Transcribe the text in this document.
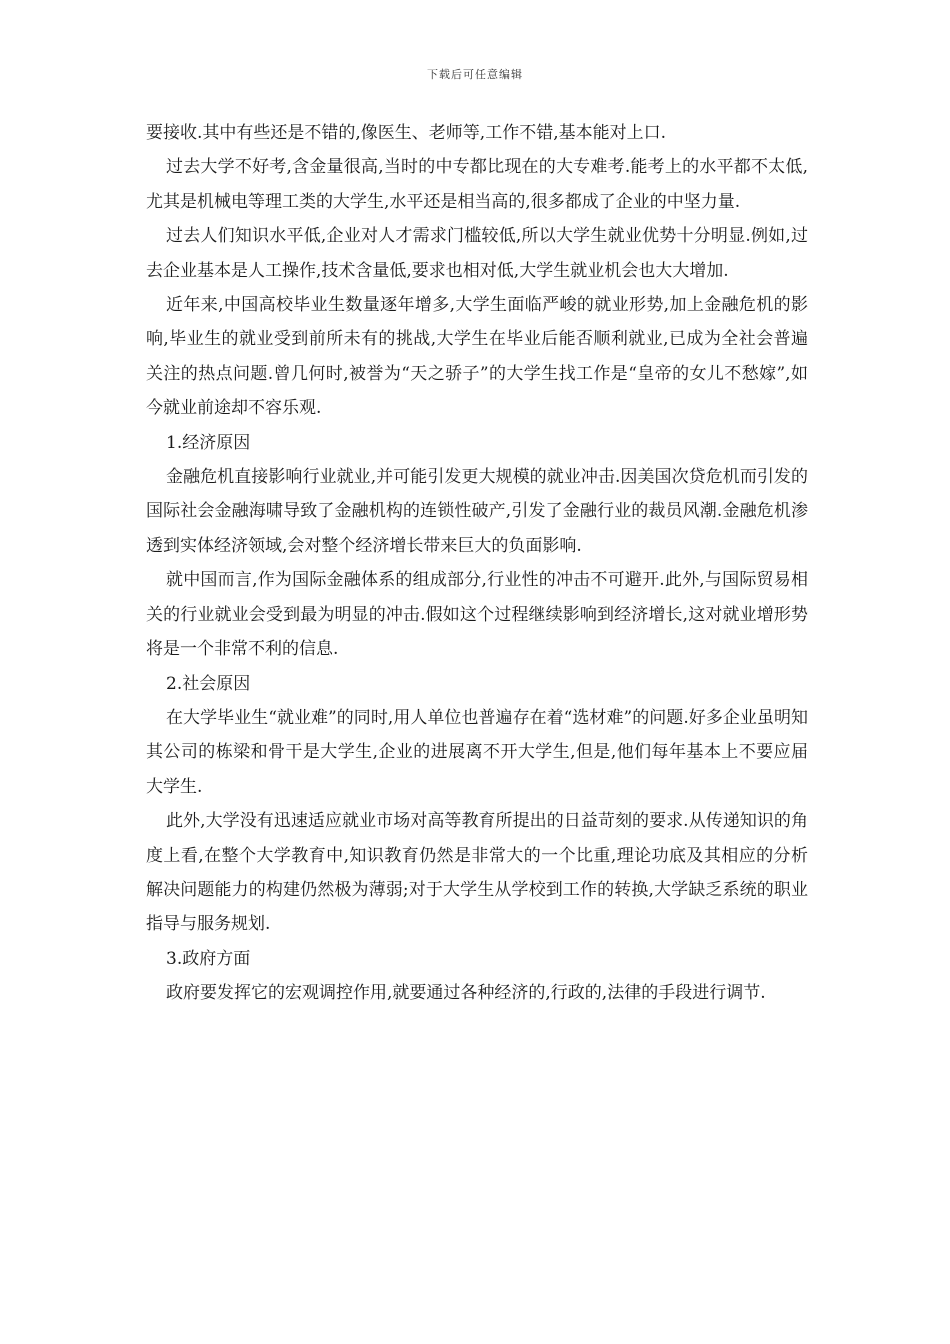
下载后可任意编辑

要接收.其中有些还是不错的,像医生、老师等,工作不错,基本能对上口.

过去大学不好考,含金量很高,当时的中专都比现在的大专难考.能考上的水平都不太低,尤其是机械电等理工类的大学生,水平还是相当高的,很多都成了企业的中坚力量.

过去人们知识水平低,企业对人才需求门槛较低,所以大学生就业优势十分明显.例如,过去企业基本是人工操作,技术含量低,要求也相对低,大学生就业机会也大大增加.

近年来,中国高校毕业生数量逐年增多,大学生面临严峻的就业形势,加上金融危机的影响,毕业生的就业受到前所未有的挑战,大学生在毕业后能否顺利就业,已成为全社会普遍关注的热点问题.曾几何时,被誉为“天之骄子”的大学生找工作是“皇帝的女儿不愁嫁”,如今就业前途却不容乐观.

1.经济原因

金融危机直接影响行业就业,并可能引发更大规模的就业冲击.因美国次贷危机而引发的国际社会金融海啸导致了金融机构的连锁性破产,引发了金融行业的裁员风潮.金融危机渗透到实体经济领域,会对整个经济增长带来巨大的负面影响.

就中国而言,作为国际金融体系的组成部分,行业性的冲击不可避开.此外,与国际贸易相关的行业就业会受到最为明显的冲击.假如这个过程继续影响到经济增长,这对就业增形势将是一个非常不利的信息.

2.社会原因

在大学毕业生“就业难”的同时,用人单位也普遍存在着“选材难”的问题.好多企业虽明知其公司的栋梁和骨干是大学生,企业的进展离不开大学生,但是,他们每年基本上不要应届大学生.

此外,大学没有迅速适应就业市场对高等教育所提出的日益苛刻的要求.从传递知识的角度上看,在整个大学教育中,知识教育仍然是非常大的一个比重,理论功底及其相应的分析解决问题能力的构建仍然极为薄弱;对于大学生从学校到工作的转换,大学缺乏系统的职业指导与服务规划.

3.政府方面

政府要发挥它的宏观调控作用,就要通过各种经济的,行政的,法律的手段进行调节.
